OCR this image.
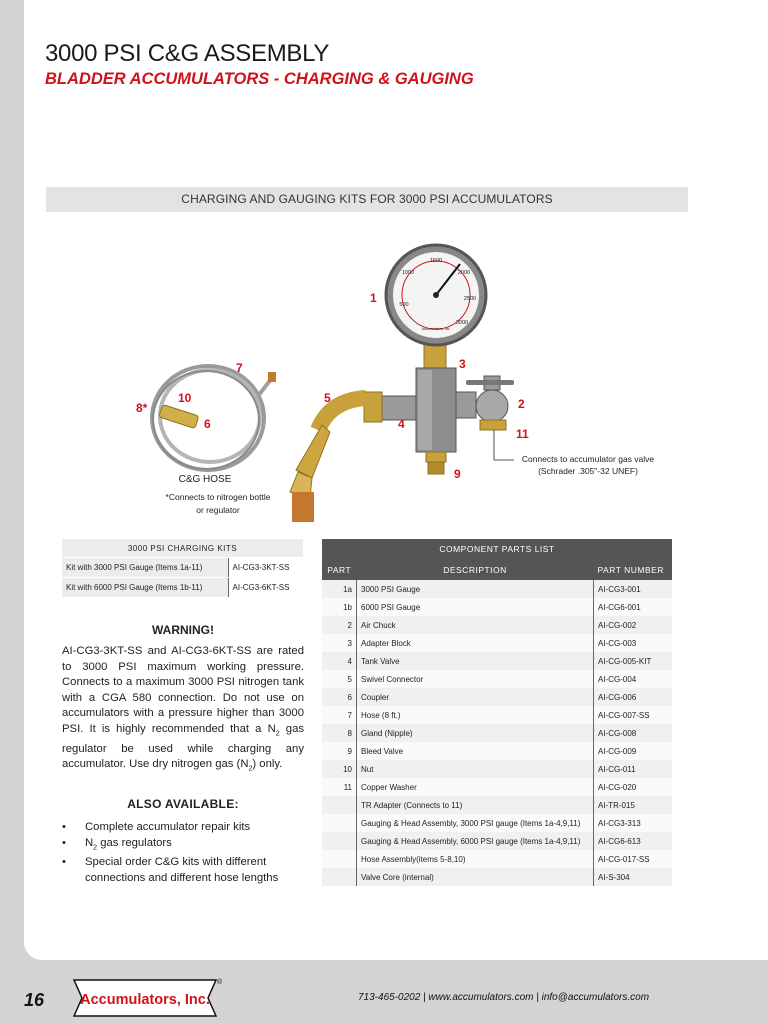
3000 PSI C&G ASSEMBLY
BLADDER ACCUMULATORS - CHARGING & GAUGING
CHARGING AND GAUGING KITS FOR 3000 PSI ACCUMULATORS
500
1000
1500
2000
2500
3000
Accumulators, Inc.
1
2
3
4
5
6
7
8*
9
10
11
Connects to accumulator gas valve
(Schrader .305"-32 UNEF)
C&G HOSE
*Connects to nitrogen bottle
or regulator
3000 PSI CHARGING KITS	
Kit with 3000 PSI Gauge (Items 1a-11)	AI-CG3-3KT-SS
Kit with 6000 PSI Gauge (Items 1b-11)	AI-CG3-6KT-SS
WARNING!
AI-CG3-3KT-SS and AI-CG3-6KT-SS are rated to 3000 PSI maximum working pressure. Connects to a maximum 3000 PSI nitrogen tank with a CGA 580 connection. Do not use on accumulators with a pressure higher than 3000 PSI. It is highly recommended that a $N_2$ gas regulator be used while charging any accumulator. Use dry nitrogen gas $(N_2)$ only.
ALSO AVAILABLE:
• Complete accumulator repair kits
• $N_2$ gas regulators
• Special order C&G kits with different connections and different hose lengths
COMPONENT PARTS LIST		
PART	DESCRIPTION	PART NUMBER
1a	3000 PSI Gauge	AI-CG3-001
1b	6000 PSI Gauge	AI-CG6-001
2	Air Chuck	AI-CG-002
3	Adapter Block	AI-CG-003
4	Tank Valve	AI-CG-005-KIT
5	Swivel Connector	AI-CG-004
6	Coupler	AI-CG-006
7	Hose (8 ft.)	AI-CG-007-SS
8	Gland (Nipple)	AI-CG-008
9	Bleed Valve	AI-CG-009
10	Nut	AI-CG-011
11	Copper Washer	AI-CG-020
	TR Adapter (Connects to 11)	AI-TR-015
	Gauging & Head Assembly, 3000 PSI gauge (Items 1a-4,9,11)	AI-CG3-313
	Gauging & Head Assembly, 6000 PSI gauge (Items 1a-4,9,11)	AI-CG6-613
	Hose Assembly(items 5-8,10)	AI-CG-017-SS
	Valve Core (internal)	AI-S-304
16 Accumulators, Inc.
®
713-465-0202 | www.accumulators.com | info@accumulators.com
